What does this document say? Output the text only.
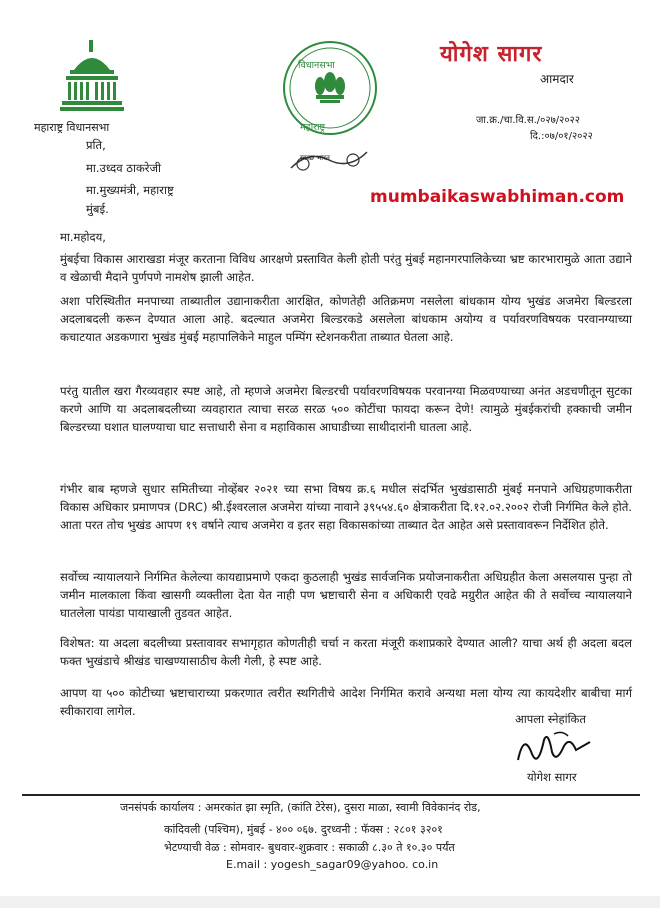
महाराष्ट्र विधानसभा
विधानसभा
महाराष्ट्र
स्वच्छ भारत
योगेश सागर
आमदार
जा.क्र./चा.वि.स./०२७/२०२२
दि.:०७/०१/२०२२
प्रति,
मा.उध्दव ठाकरेजी
मा.मुख्यमंत्री, महाराष्ट्र
मुंबई.
mumbaikaswabhiman.com
मा.महोदय,
मुंबईचा विकास आराखडा मंजूर करताना विविध आरक्षणे प्रस्तावित केली होती परंतु मुंबई महानगरपालिकेच्या भ्रष्ट कारभारामुळे आता उद्याने व खेळाची मैदाने पुर्णपणे नामशेष झाली आहेत.
अशा परिस्थितीत मनपाच्या ताब्यातील उद्यानाकरीता आरक्षित, कोणतेही अतिक्रमण नसलेला बांधकाम योग्य भुखंड अजमेरा बिल्डरला अदलाबदली करून देण्यात आला आहे. बदल्यात अजमेरा बिल्डरकडे असलेला बांधकाम अयोग्य व पर्यावरणविषयक परवानग्याच्या कचाटयात अडकणारा भुखंड मुंबई महापालिकेने माहुल पम्पिंग स्टेशनकरीता ताब्यात घेतला आहे.
परंतु यातील खरा गैरव्यवहार स्पष्ट आहे, तो म्हणजे अजमेरा बिल्डरची पर्यावरणविषयक परवानग्या मिळवण्याच्या अनंत अडचणीतून सुटका करणे आणि या अदलाबदलीच्या व्यवहारात त्याचा सरळ सरळ ५०० कोटींचा फायदा करून देणे! त्यामुळे मुंबईकरांची हक्काची जमीन बिल्डरच्या घशात घालण्याचा घाट सत्ताधारी सेना व महाविकास आघाडीच्या साथीदारांनी घातला आहे.
गंभीर बाब म्हणजे सुधार समितीच्या नोव्हेंबर २०२१ च्या सभा विषय क्र.६ मधील संदर्भित भुखंडासाठी मुंबई मनपाने अधिग्रहणाकरीता विकास अधिकार प्रमाणपत्र (DRC) श्री.ईश्वरलाल अजमेरा यांच्या नावाने ३९५५४.६० क्षेत्राकरीता दि.१२.०२.२००२ रोजी निर्गमित केले होते. आता परत तोच भुखंड आपण १९ वर्षाने त्याच अजमेरा व इतर सहा विकासकांच्या ताब्यात देत आहेत असे प्रस्तावावरून निर्देशित होते.
सर्वोच्च न्यायालयाने निर्गमित केलेल्या कायद्याप्रमाणे एकदा कुठलाही भुखंड सार्वजनिक प्रयोजनाकरीता अधिग्रहीत केला असलयास पुन्हा तो जमीन मालकाला किंवा खासगी व्यक्तीला देता येत नाही पण भ्रष्टाचारी सेना व अधिकारी एवढे मग्रुरीत आहेत की ते सर्वोच्च न्यायालयाने घातलेला पायंडा पायाखाली तुडवत आहेत.
विशेषत: या अदला बदलीच्या प्रस्तावावर सभागृहात कोणतीही चर्चा न करता मंजूरी कशाप्रकारे देण्यात आली? याचा अर्थ ही अदला बदल फक्त भुखंडाचे श्रीखंड चाखण्यासाठीच केली गेली, हे स्पष्ट आहे.
आपण या ५०० कोटीच्या भ्रष्टाचाराच्या प्रकरणात त्वरीत स्थगितीचे आदेश निर्गमित करावे अन्यथा मला योग्य त्या कायदेशीर बाबीचा मार्ग स्वीकारावा लागेल.
आपला स्नेहांकित
योगेश सागर
जनसंपर्क कार्यालय : अमरकांत झा स्मृति, (कांति टेरेस), दुसरा माळा, स्वामी विवेकानंद रोड,
कांदिवली (पश्चिम), मुंबई - ४०० ०६७. दुरध्वनी : फॅक्स : २८०१ ३२०१
भेटण्याची वेळ : सोमवार- बुधवार-शुक्रवार : सकाळी ८.३० ते १०.३० पर्यंत
E.mail : yogesh_sagar09@yahoo. co.in
